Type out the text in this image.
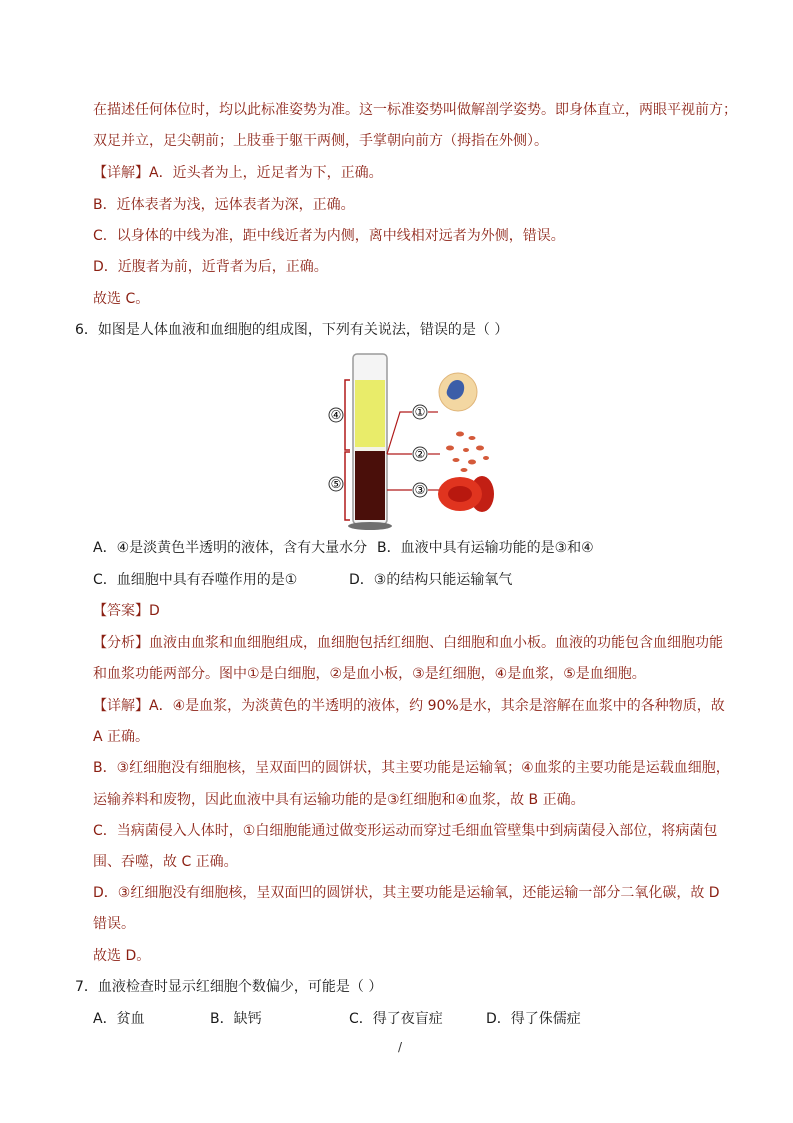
在描述任何体位时，均以此标准姿势为准。这一标准姿势叫做解剖学姿势。即身体直立，两眼平视前方；
双足并立，足尖朝前；上肢垂于躯干两侧，手掌朝向前方（拇指在外侧）。
【详解】A．近头者为上，近足者为下，正确。
B．近体表者为浅，远体表者为深，正确。
C．以身体的中线为准，距中线近者为内侧，离中线相对远者为外侧，错误。
D．近腹者为前，近背者为后，正确。
故选 C。
6．如图是人体血液和血细胞的组成图，下列有关说法，错误的是（ ）
④
⑤
①
②
③
A．④是淡黄色半透明的液体，含有大量水分 B．血液中具有运输功能的是③和④
C．血细胞中具有吞噬作用的是①	D．③的结构只能运输氧气
【答案】D
【分析】血液由血浆和血细胞组成，血细胞包括红细胞、白细胞和血小板。血液的功能包含血细胞功能
和血浆功能两部分。图中①是白细胞，②是血小板，③是红细胞，④是血浆，⑤是血细胞。
【详解】A．④是血浆，为淡黄色的半透明的液体，约 90%是水，其余是溶解在血浆中的各种物质，故
A 正确。
B．③红细胞没有细胞核，呈双面凹的圆饼状，其主要功能是运输氧；④血浆的主要功能是运载血细胞，
运输养料和废物，因此血液中具有运输功能的是③红细胞和④血浆，故 B 正确。
C．当病菌侵入人体时，①白细胞能通过做变形运动而穿过毛细血管壁集中到病菌侵入部位，将病菌包
围、吞噬，故 C 正确。
D．③红细胞没有细胞核，呈双面凹的圆饼状，其主要功能是运输氧，还能运输一部分二氧化碳，故 D
错误。
故选 D。
7．血液检查时显示红细胞个数偏少，可能是（ ）
A．贫血	B．缺钙	C．得了夜盲症	D．得了侏儒症
/
